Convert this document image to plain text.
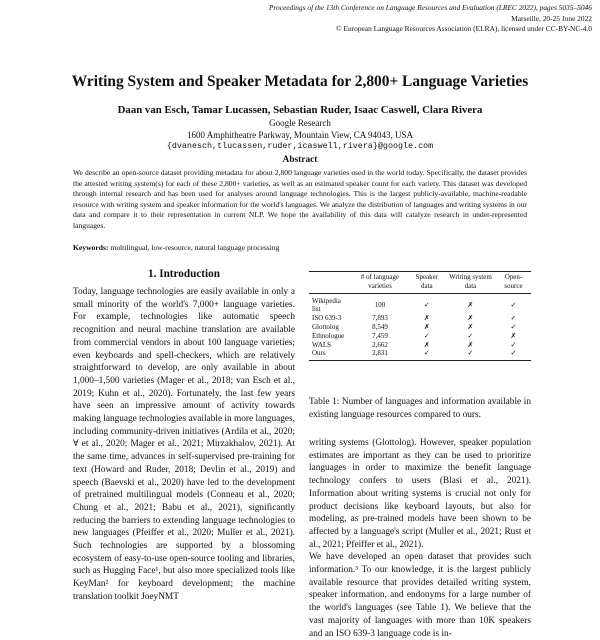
Proceedings of the 13th Conference on Language Resources and Evaluation (LREC 2022), pages 5035–5046
Marseille, 20-25 June 2022
© European Language Resources Association (ELRA), licensed under CC-BY-NC-4.0
Writing System and Speaker Metadata for 2,800+ Language Varieties
Daan van Esch, Tamar Lucassen, Sebastian Ruder, Isaac Caswell, Clara Rivera
Google Research
1600 Amphitheatre Parkway, Mountain View, CA 94043, USA
{dvanesch,tlucassen,ruder,icaswell,rivera}@google.com
Abstract
We describe an open-source dataset providing metadata for about 2,800 language varieties used in the world today. Specifically, the dataset provides the attested writing system(s) for each of these 2,800+ varieties, as well as an estimated speaker count for each variety. This dataset was developed through internal research and has been used for analyses around language technologies. This is the largest publicly-available, machine-readable resource with writing system and speaker information for the world's languages. We analyze the distribution of languages and writing systems in our data and compare it to their representation in current NLP. We hope the availability of this data will catalyze research in under-represented languages.
Keywords: multilingual, low-resource, natural language processing
1. Introduction

Today, language technologies are easily available in only a small minority of the world's 7,000+ language varieties. For example, technologies like automatic speech recognition and neural machine translation are available from commercial vendors in about 100 language varieties; even keyboards and spell-checkers, which are relatively straightforward to develop, are only available in about 1,000–1,500 varieties (Mager et al., 2018; van Esch et al., 2019; Kuhn et al., 2020). Fortunately, the last few years have seen an impressive amount of activity towards making language technologies available in more languages, including community-driven initiatives (Ardila et al., 2020; ∀ et al., 2020; Mager et al., 2021; Mirzakhalov, 2021). At the same time, advances in self-supervised pre-training for text (Howard and Ruder, 2018; Devlin et al., 2019) and speech (Baevski et al., 2020) have led to the development of pretrained multilingual models (Conneau et al., 2020; Chung et al., 2021; Babu et al., 2021), significantly reducing the barriers to extending language technologies to new languages (Pfeiffer et al., 2020; Muller et al., 2021). Such technologies are supported by a blossoming ecosystem of easy-to-use open-source tooling and libraries, such as Hugging Face¹, but also more specialized tools like KeyMan² for keyboard development; the machine translation toolkit JoeyNMT

	# of language varieties	Speaker data	Writing system data	Open-source
Wikipedia list	100	✓	✗	✓
ISO 639-3	7,893	✗	✗	✓
Glottolog	8,549	✗	✗	✓
Ethnologue	7,459	✓	✓	✗
WALS	2,662	✗	✗	✓
Ours	2,831	✓	✓	✓
Table 1: Number of languages and information available in existing language resources compared to ours.

writing systems (Glottolog). However, speaker population estimates are important as they can be used to prioritize languages in order to maximize the benefit language technology confers to users (Blasi et al., 2021). Information about writing systems is crucial not only for product decisions like keyboard layouts, but also for modeling, as pre-trained models have been shown to be affected by a language's script (Muller et al., 2021; Rust et al., 2021; Pfeiffer et al., 2021).

We have developed an open dataset that provides such information.³ To our knowledge, it is the largest publicly available resource that provides detailed writing system, speaker information, and endonyms for a large number of the world's languages (see Table 1). We believe that the vast majority of languages with more than 10K speakers and an ISO 639-3 language code is in-
